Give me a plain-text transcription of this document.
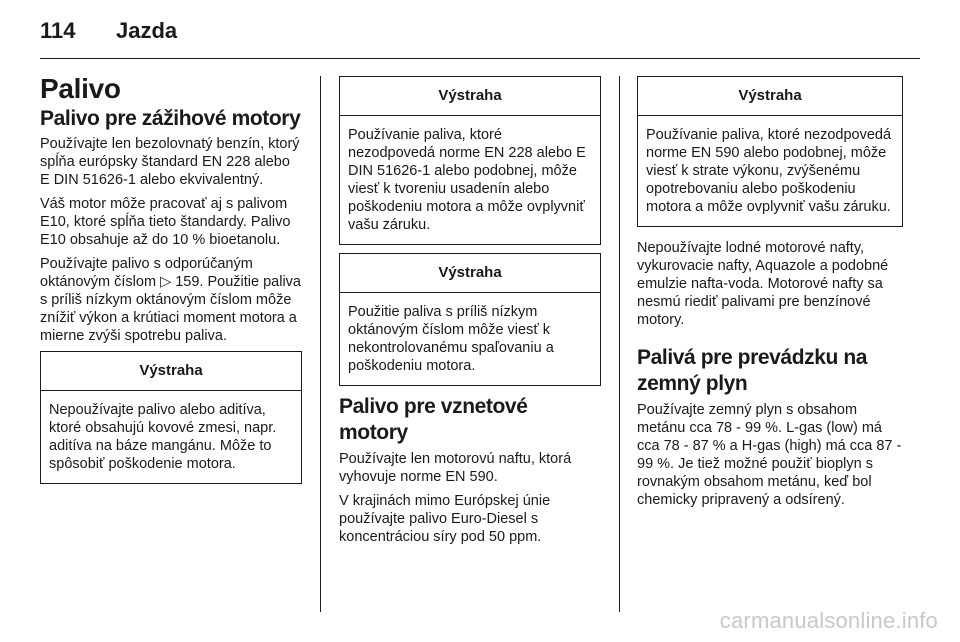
114 Jazda
Palivo
Palivo pre zážihové motory

Používajte len bezolovnatý benzín, ktorý spĺňa európsky štandard EN 228 alebo E DIN 51626-1 alebo ekvivalentný.

Váš motor môže pracovať aj s palivom E10, ktoré spĺňa tieto štandardy. Palivo E10 obsahuje až do 10 % bioetanolu.

Používajte palivo s odporúčaným oktánovým číslom ▷ 159. Použitie paliva s príliš nízkym oktánovým číslom môže znížiť výkon a krútiaci moment motora a mierne zvýši spotrebu paliva.

Výstraha
Nepoužívajte palivo alebo aditíva, ktoré obsahujú kovové zmesi, napr. aditíva na báze mangánu. Môže to spôsobiť poškodenie motora.
Výstraha
Používanie paliva, ktoré nezodpovedá norme EN 228 alebo E DIN 51626-1 alebo podobnej, môže viesť k tvoreniu usadenín alebo poškodeniu motora a môže ovplyvniť vašu záruku.
Výstraha
Použitie paliva s príliš nízkym oktánovým číslom môže viesť k nekontrolovanému spaľovaniu a poškodeniu motora.
Palivo pre vznetové motory

Používajte len motorovú naftu, ktorá vyhovuje norme EN 590.

V krajinách mimo Európskej únie používajte palivo Euro-Diesel s koncentráciou síry pod 50 ppm.

Výstraha
Používanie paliva, ktoré nezodpovedá norme EN 590 alebo podobnej, môže viesť k strate výkonu, zvýšenému opotrebovaniu alebo poškodeniu motora a môže ovplyvniť vašu záruku.

Nepoužívajte lodné motorové nafty, vykurovacie nafty, Aquazole a podobné emulzie nafta-voda. Motorové nafty sa nesmú riediť palivami pre benzínové motory.

Palivá pre prevádzku na zemný plyn

Používajte zemný plyn s obsahom metánu cca 78 - 99 %. L-gas (low) má cca 78 - 87 % a H-gas (high) má cca 87 - 99 %. Je tiež možné použiť bioplyn s rovnakým obsahom metánu, keď bol chemicky pripravený a odsírený.

carmanualsonline.info
